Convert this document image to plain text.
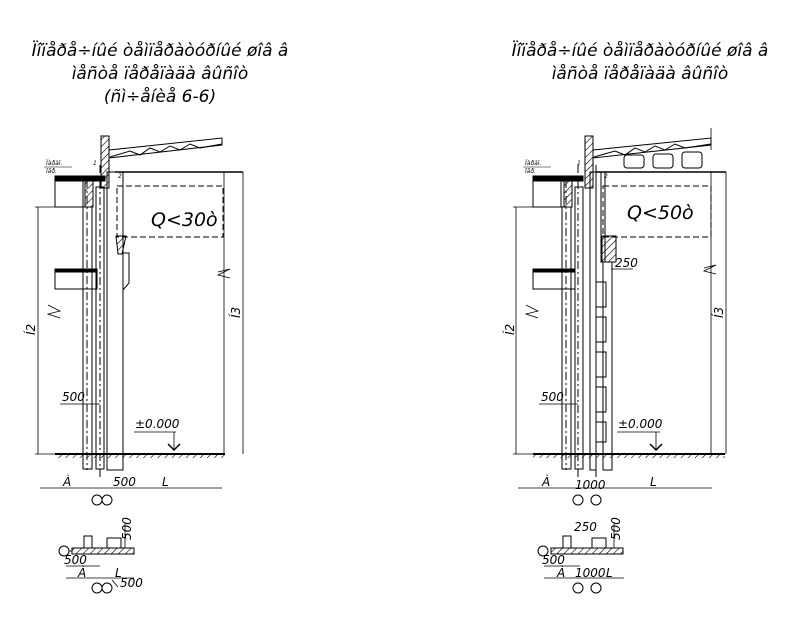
Ïîïåðå÷íûé òåìïåðàòóðíûé øîâ â
ìåñòå ïåðåïàäà âûñîò
(ñì÷åíèå 6-6)
Q<30ò
Ïàðàï.
îãð.
1
2
Í3
Í2
500
±0.000
À	500 L
500
500
À L
500
Ïîïåðå÷íûé òåìïåðàòóðíûé øîâ â
ìåñòå ïåðåïàäà âûñîò
Q<50ò
250
Ïàðàï.
îãð.
1
2
Í3
Í2
500
±0.000
À 1000	L
250 500
500
À 1000 L
